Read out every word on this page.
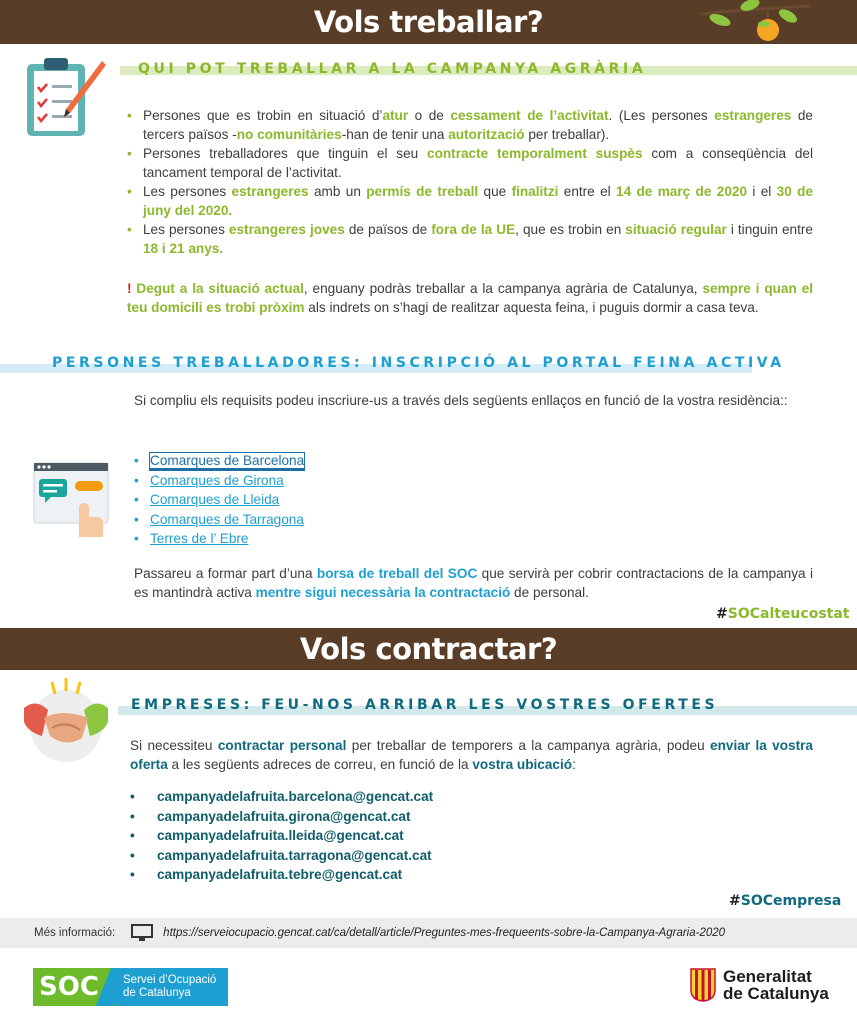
Vols treballar?
QUI POT TREBALLAR A LA CAMPANYA AGRÀRIA
• Persones que es trobin en situació d’atur o de cessament de l’activitat. (Les persones estrangeres de tercers països -no comunitàries-han de tenir una autorització per treballar).
• Persones treballadores que tinguin el seu contracte temporalment suspès com a conseqüència del tancament temporal de l’activitat.
• Les persones estrangeres amb un permís de treball que finalitzi entre el 14 de març de 2020 i el 30 de juny del 2020.
• Les persones estrangeres joves de països de fora de la UE, que es trobin en situació regular i tinguin entre 18 i 21 anys.
! Degut a la situació actual, enguany podràs treballar a la campanya agrària de Catalunya, sempre i quan el teu domicili es trobi pròxim als indrets on s’hagi de realitzar aquesta feina, i puguis dormir a casa teva.
PERSONES TREBALLADORES: INSCRIPCIÓ AL PORTAL FEINA ACTIVA
Si compliu els requisits podeu inscriure-us a través dels següents enllaços en funció de la vostra residència::
• Comarques de Barcelona
• Comarques de Girona
• Comarques de Lleida
• Comarques de Tarragona
• Terres de l’ Ebre
Passareu a formar part d’una borsa de treball del SOC que servirà per cobrir contractacions de la campanya i es mantindrà activa mentre sigui necessària la contractació de personal.
#SOCalteucostat
Vols contractar?
EMPRESES: FEU-NOS ARRIBAR LES VOSTRES OFERTES
Si necessiteu contractar personal per treballar de temporers a la campanya agrària, podeu enviar la vostra oferta a les següents adreces de correu, en funció de la vostra ubicació:
• campanyadelafruita.barcelona@gencat.cat
• campanyadelafruita.girona@gencat.cat
• campanyadelafruita.lleida@gencat.cat
• campanyadelafruita.tarragona@gencat.cat
• campanyadelafruita.tebre@gencat.cat
#SOCempresa
Més informació:	https://serveiocupacio.gencat.cat/ca/detall/article/Preguntes-mes-frequeents-sobre-la-Campanya-Agraria-2020
SOC Servei d’Ocupació
de Catalunya
Generalitat
de Catalunya
